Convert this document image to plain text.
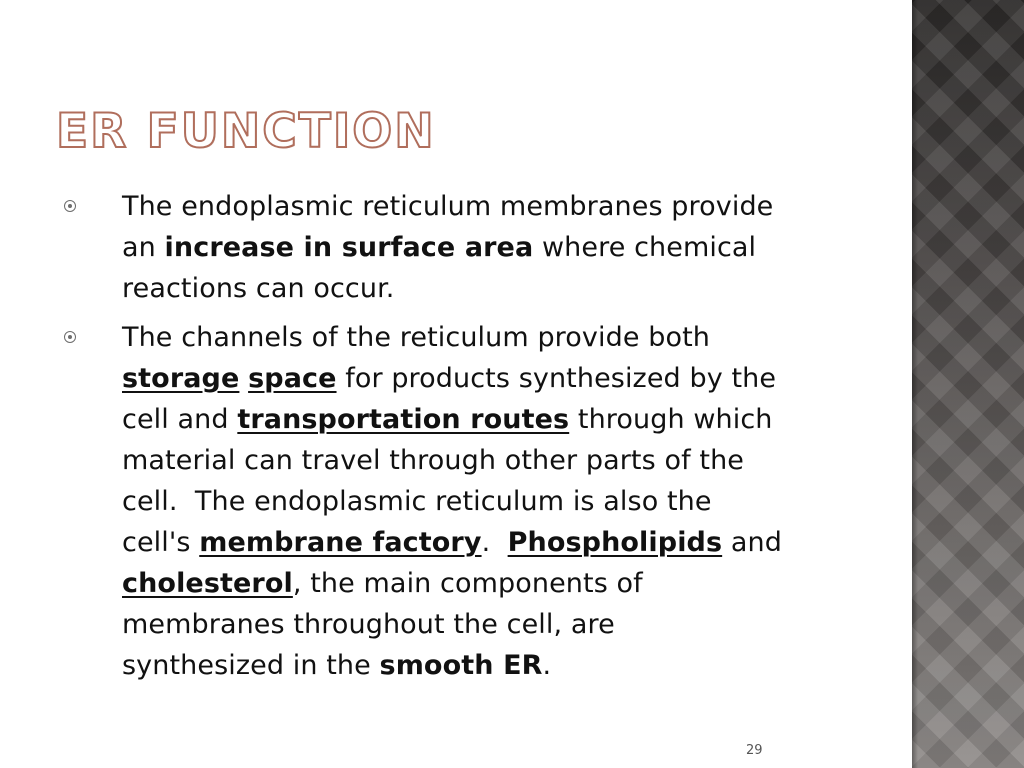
ER FUNCTION
The endoplasmic reticulum membranes provide
an increase in surface area where chemical
reactions can occur.
The channels of the reticulum provide both
storage space for products synthesized by the
cell and transportation routes through which
material can travel through other parts of the
cell.  The endoplasmic reticulum is also the
cell's membrane factory.  Phospholipids and
cholesterol, the main components of
membranes throughout the cell, are
synthesized in the smooth ER.
29
